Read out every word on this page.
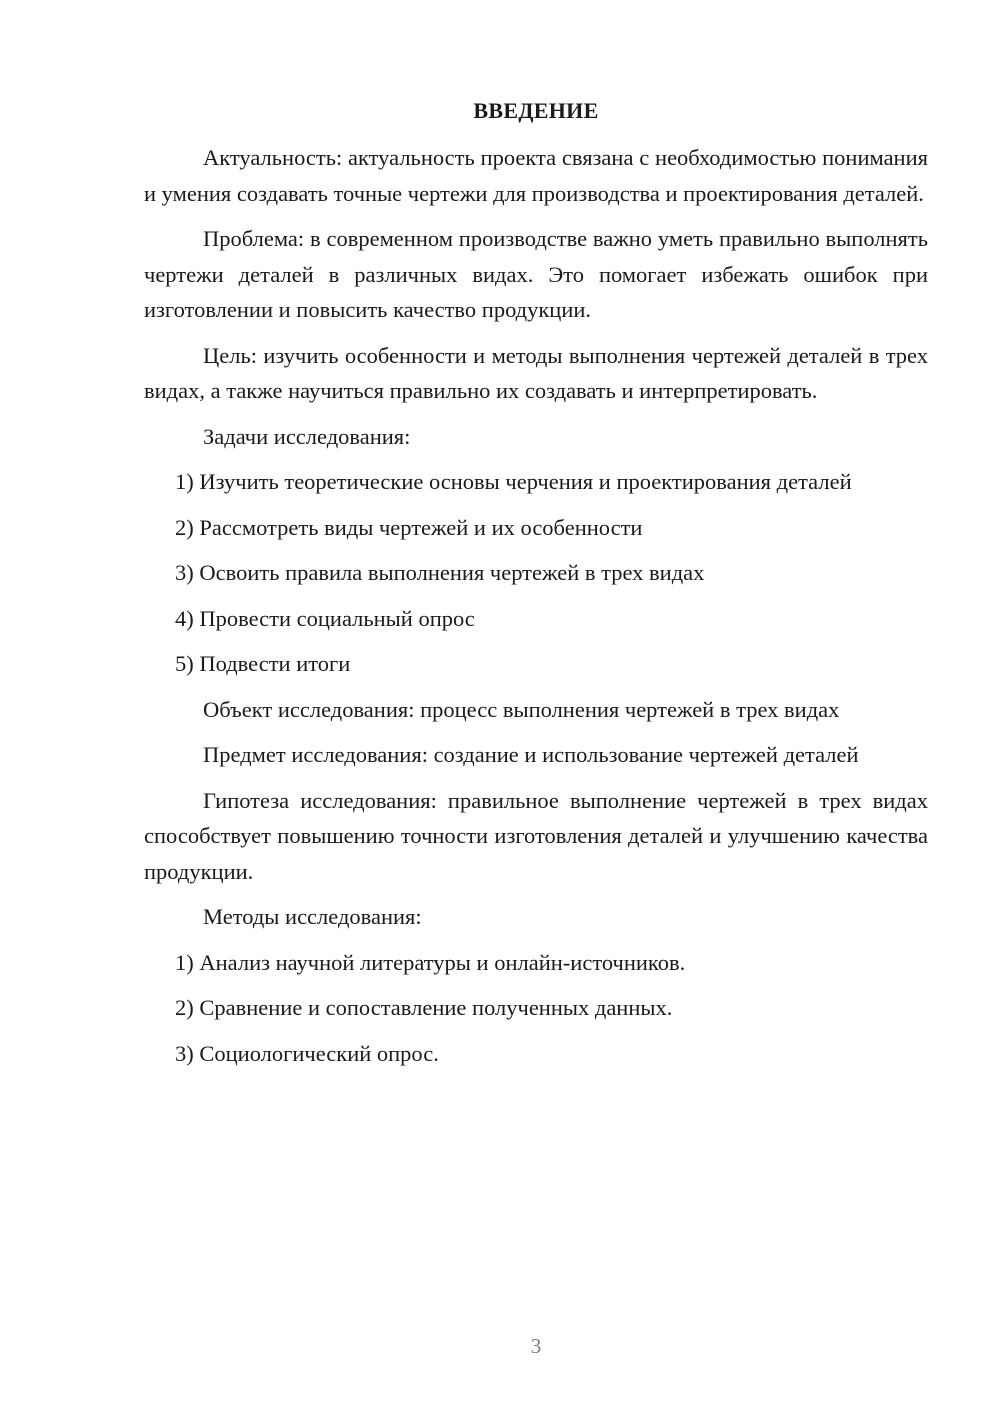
ВВЕДЕНИЕ

Актуальность: актуальность проекта связана с необходимостью понимания и умения создавать точные чертежи для производства и проектирования деталей.

Проблема: в современном производстве важно уметь правильно выполнять чертежи деталей в различных видах. Это помогает избежать ошибок при изготовлении и повысить качество продукции.

Цель: изучить особенности и методы выполнения чертежей деталей в трех видах, а также научиться правильно их создавать и интерпретировать.

Задачи исследования:

1) Изучить теоретические основы черчения и проектирования деталей

2) Рассмотреть виды чертежей и их особенности

3) Освоить правила выполнения чертежей в трех видах

4) Провести социальный опрос

5) Подвести итоги

Объект исследования: процесс выполнения чертежей в трех видах

Предмет исследования: создание и использование чертежей деталей

Гипотеза исследования: правильное выполнение чертежей в трех видах способствует повышению точности изготовления деталей и улучшению качества продукции.

Методы исследования:

1) Анализ научной литературы и онлайн-источников.

2) Сравнение и сопоставление полученных данных.

3) Социологический опрос.

3
